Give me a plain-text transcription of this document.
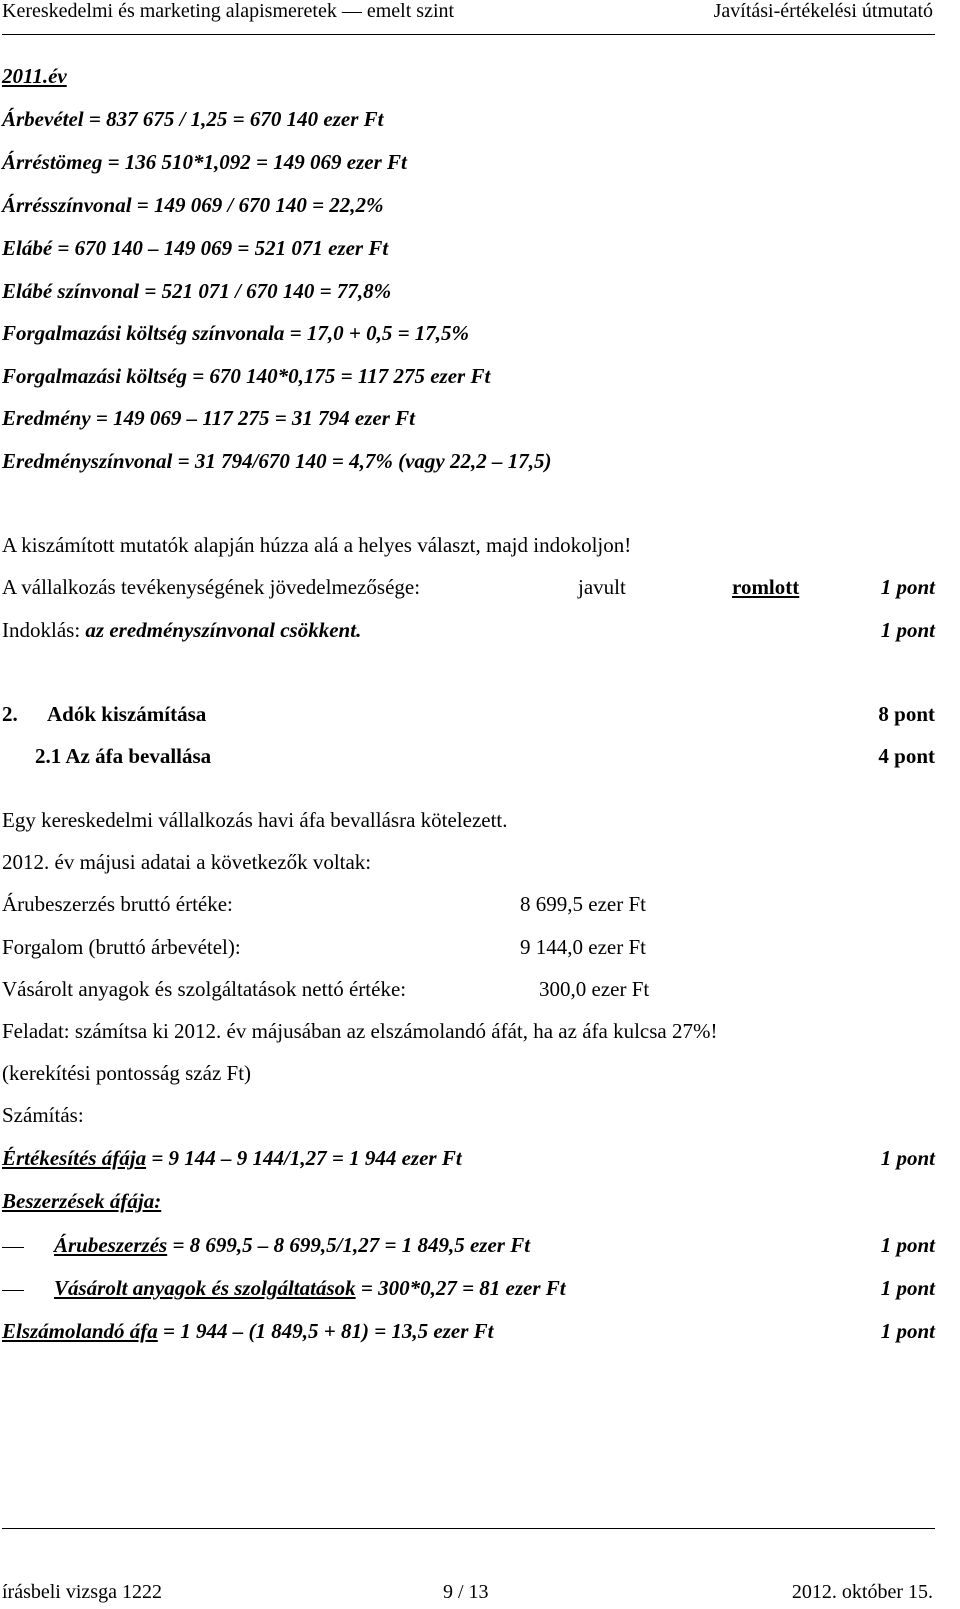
Kereskedelmi és marketing alapismeretek — emelt szint	Javítási-értékelési útmutató
2011.év
Árbevétel = 837 675 / 1,25 = 670 140 ezer Ft
Árréstömeg = 136 510*1,092 = 149 069 ezer Ft
Árrésszínvonal = 149 069 / 670 140 = 22,2%
Elábé = 670 140 – 149 069 = 521 071 ezer Ft
Elábé színvonal = 521 071 / 670 140 = 77,8%
Forgalmazási költség színvonala = 17,0 + 0,5 = 17,5%
Forgalmazási költség = 670 140*0,175 = 117 275 ezer Ft
Eredmény = 149 069 – 117 275 = 31 794 ezer Ft
Eredményszínvonal = 31 794/670 140 = 4,7% (vagy 22,2 – 17,5)
A kiszámított mutatók alapján húzza alá a helyes választ, majd indokoljon!
A vállalkozás tevékenységének jövedelmezősége:	javult	romlott	1 pont
Indoklás: az eredményszínvonal csökkent.	1 pont
2. Adók kiszámítása	8 pont
2.1 Az áfa bevallása	4 pont
Egy kereskedelmi vállalkozás havi áfa bevallásra kötelezett.
2012. év májusi adatai a következők voltak:
Árubeszerzés bruttó értéke:	8 699,5 ezer Ft
Forgalom (bruttó árbevétel):	9 144,0 ezer Ft
Vásárolt anyagok és szolgáltatások nettó értéke:	300,0 ezer Ft
Feladat: számítsa ki 2012. év májusában az elszámolandó áfát, ha az áfa kulcsa 27%!
(kerekítési pontosság száz Ft)
Számítás:
Értékesítés áfája = 9 144 – 9 144/1,27 = 1 944 ezer Ft	1 pont
Beszerzések áfája:
Árubeszerzés = 8 699,5 – 8 699,5/1,27 = 1 849,5 ezer Ft	1 pont
Vásárolt anyagok és szolgáltatások = 300*0,27 = 81 ezer Ft	1 pont
Elszámolandó áfa = 1 944 – (1 849,5 + 81) = 13,5 ezer Ft	1 pont
írásbeli vizsga 1222	9 / 13	2012. október 15.
